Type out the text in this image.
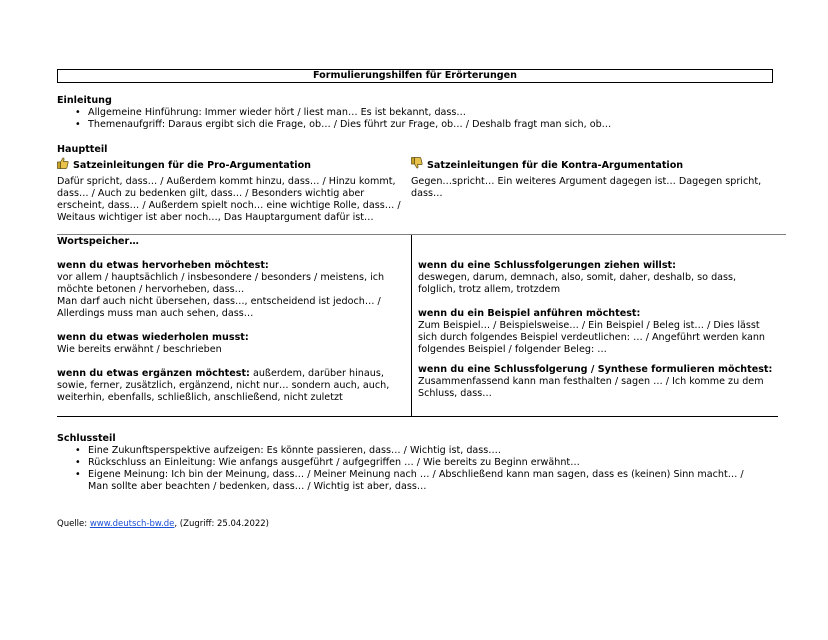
Formulierungshilfen für Erörterungen
Einleitung
• Allgemeine Hinführung: Immer wieder hört / liest man… Es ist bekannt, dass…
• Themenaufgriff: Daraus ergibt sich die Frage, ob… / Dies führt zur Frage, ob… / Deshalb fragt man sich, ob…
Hauptteil
Satzeinleitungen für die Pro-Argumentation
Dafür spricht, dass… / Außerdem kommt hinzu, dass… / Hinzu kommt,
dass… / Auch zu bedenken gilt, dass… / Besonders wichtig aber
erscheint, dass… / Außerdem spielt noch… eine wichtige Rolle, dass… /
Weitaus wichtiger ist aber noch…, Das Hauptargument dafür ist…
Satzeinleitungen für die Kontra-Argumentation
Gegen…spricht… Ein weiteres Argument dagegen ist… Dagegen spricht,
dass…
Wortspeicher…
wenn du etwas hervorheben möchtest:
vor allem / hauptsächlich / insbesondere / besonders / meistens, ich
möchte betonen / hervorheben, dass…
Man darf auch nicht übersehen, dass…, entscheidend ist jedoch… /
Allerdings muss man auch sehen, dass…
wenn du etwas wiederholen musst:
Wie bereits erwähnt / beschrieben
wenn du etwas ergänzen möchtest: außerdem, darüber hinaus,
sowie, ferner, zusätzlich, ergänzend, nicht nur… sondern auch, auch,
weiterhin, ebenfalls, schließlich, anschließend, nicht zuletzt
wenn du eine Schlussfolgerungen ziehen willst:
deswegen, darum, demnach, also, somit, daher, deshalb, so dass,
folglich, trotz allem, trotzdem
wenn du ein Beispiel anführen möchtest:
Zum Beispiel… / Beispielsweise… / Ein Beispiel / Beleg ist… / Dies lässt
sich durch folgendes Beispiel verdeutlichen: … / Angeführt werden kann
folgendes Beispiel / folgender Beleg: …
wenn du eine Schlussfolgerung / Synthese formulieren möchtest:
Zusammenfassend kann man festhalten / sagen … / Ich komme zu dem
Schluss, dass…
Schlussteil
• Eine Zukunftsperspektive aufzeigen: Es könnte passieren, dass… / Wichtig ist, dass….
• Rückschluss an Einleitung: Wie anfangs ausgeführt / aufgegriffen … / Wie bereits zu Beginn erwähnt…
• Eigene Meinung: Ich bin der Meinung, dass… / Meiner Meinung nach … / Abschließend kann man sagen, dass es (keinen) Sinn macht… /
Man sollte aber beachten / bedenken, dass… / Wichtig ist aber, dass…
Quelle: www.deutsch-bw.de, (Zugriff: 25.04.2022)
